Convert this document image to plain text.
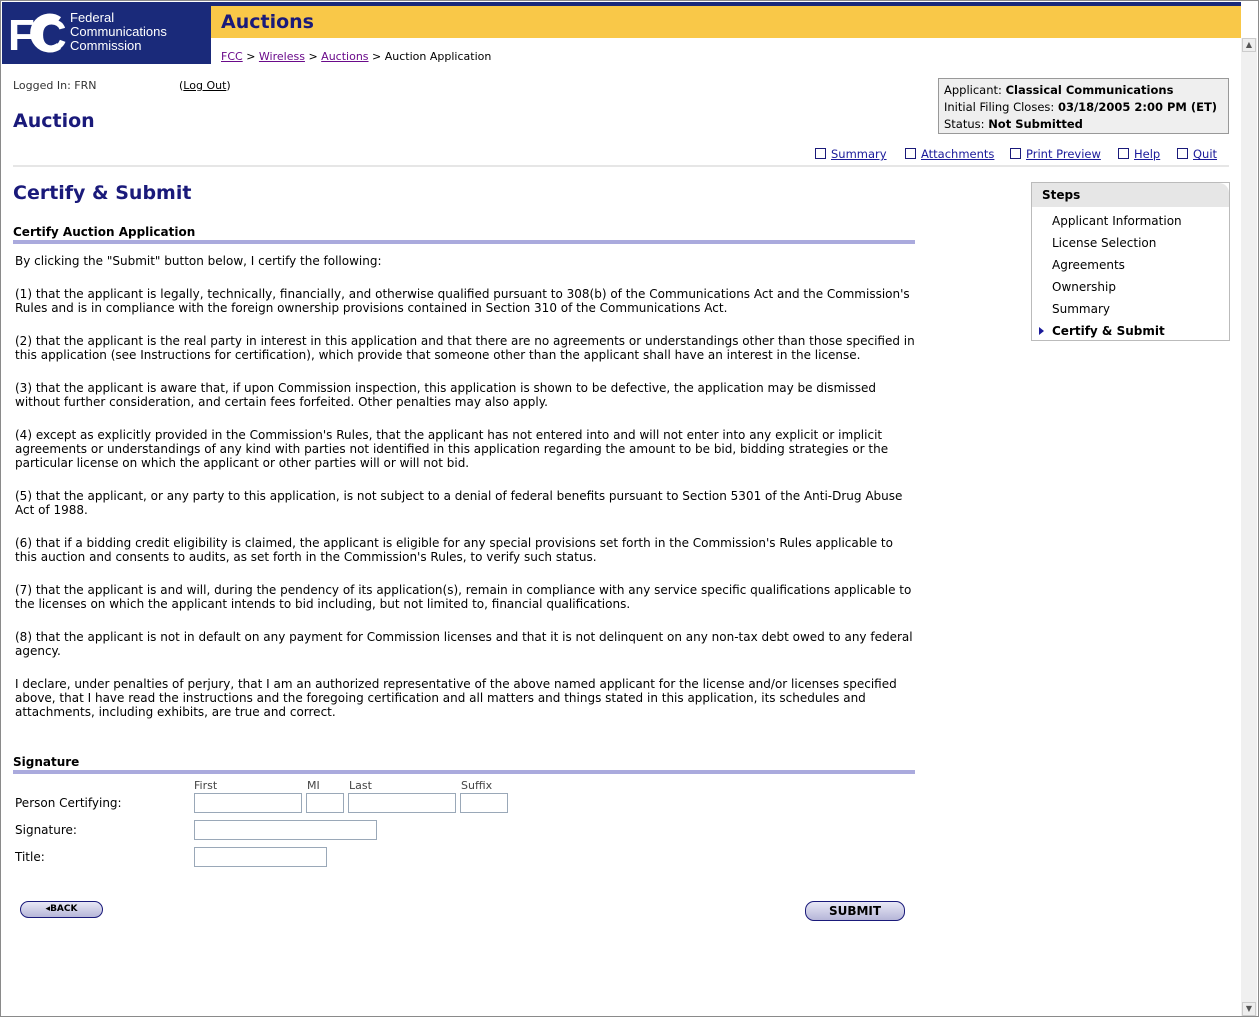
FC Federal
Communications
Commission
Auctions
FCC > Wireless > Auctions > Auction Application
▲
▼
Logged In: FRN	(Log Out)
Auction
Applicant: Classical Communications
Initial Filing Closes: 03/18/2005 2:00 PM (ET)
Status: Not Submitted
Summary	Attachments	Print Preview	Help	Quit
Certify & Submit
Certify Auction Application

By clicking the "Submit" button below, I certify the following:

(1) that the applicant is legally, technically, financially, and otherwise qualified pursuant to 308(b) of the Communications Act and the Commission's Rules and is in compliance with the foreign ownership provisions contained in Section 310 of the Communications Act.

(2) that the applicant is the real party in interest in this application and that there are no agreements or understandings other than those specified in this application (see Instructions for certification), which provide that someone other than the applicant shall have an interest in the license.

(3) that the applicant is aware that, if upon Commission inspection, this application is shown to be defective, the application may be dismissed without further consideration, and certain fees forfeited. Other penalties may also apply.

(4) except as explicitly provided in the Commission's Rules, that the applicant has not entered into and will not enter into any explicit or implicit agreements or understandings of any kind with parties not identified in this application regarding the amount to be bid, bidding strategies or the particular license on which the applicant or other parties will or will not bid.

(5) that the applicant, or any party to this application, is not subject to a denial of federal benefits pursuant to Section 5301 of the Anti-Drug Abuse Act of 1988.

(6) that if a bidding credit eligibility is claimed, the applicant is eligible for any special provisions set forth in the Commission's Rules applicable to this auction and consents to audits, as set forth in the Commission's Rules, to verify such status.

(7) that the applicant is and will, during the pendency of its application(s), remain in compliance with any service specific qualifications applicable to the licenses on which the applicant intends to bid including, but not limited to, financial qualifications.

(8) that the applicant is not in default on any payment for Commission licenses and that it is not delinquent on any non-tax debt owed to any federal agency.

I declare, under penalties of perjury, that I am an authorized representative of the above named applicant for the license and/or licenses specified above, that I have read the instructions and the foregoing certification and all matters and things stated in this application, its schedules and attachments, including exhibits, are true and correct.

Signature
First	MI	Last	Suffix
Person Certifying:
Signature:
Title:
◂BACK	SUBMIT
Steps
Applicant Information
License Selection
Agreements
Ownership
Summary
Certify & Submit
